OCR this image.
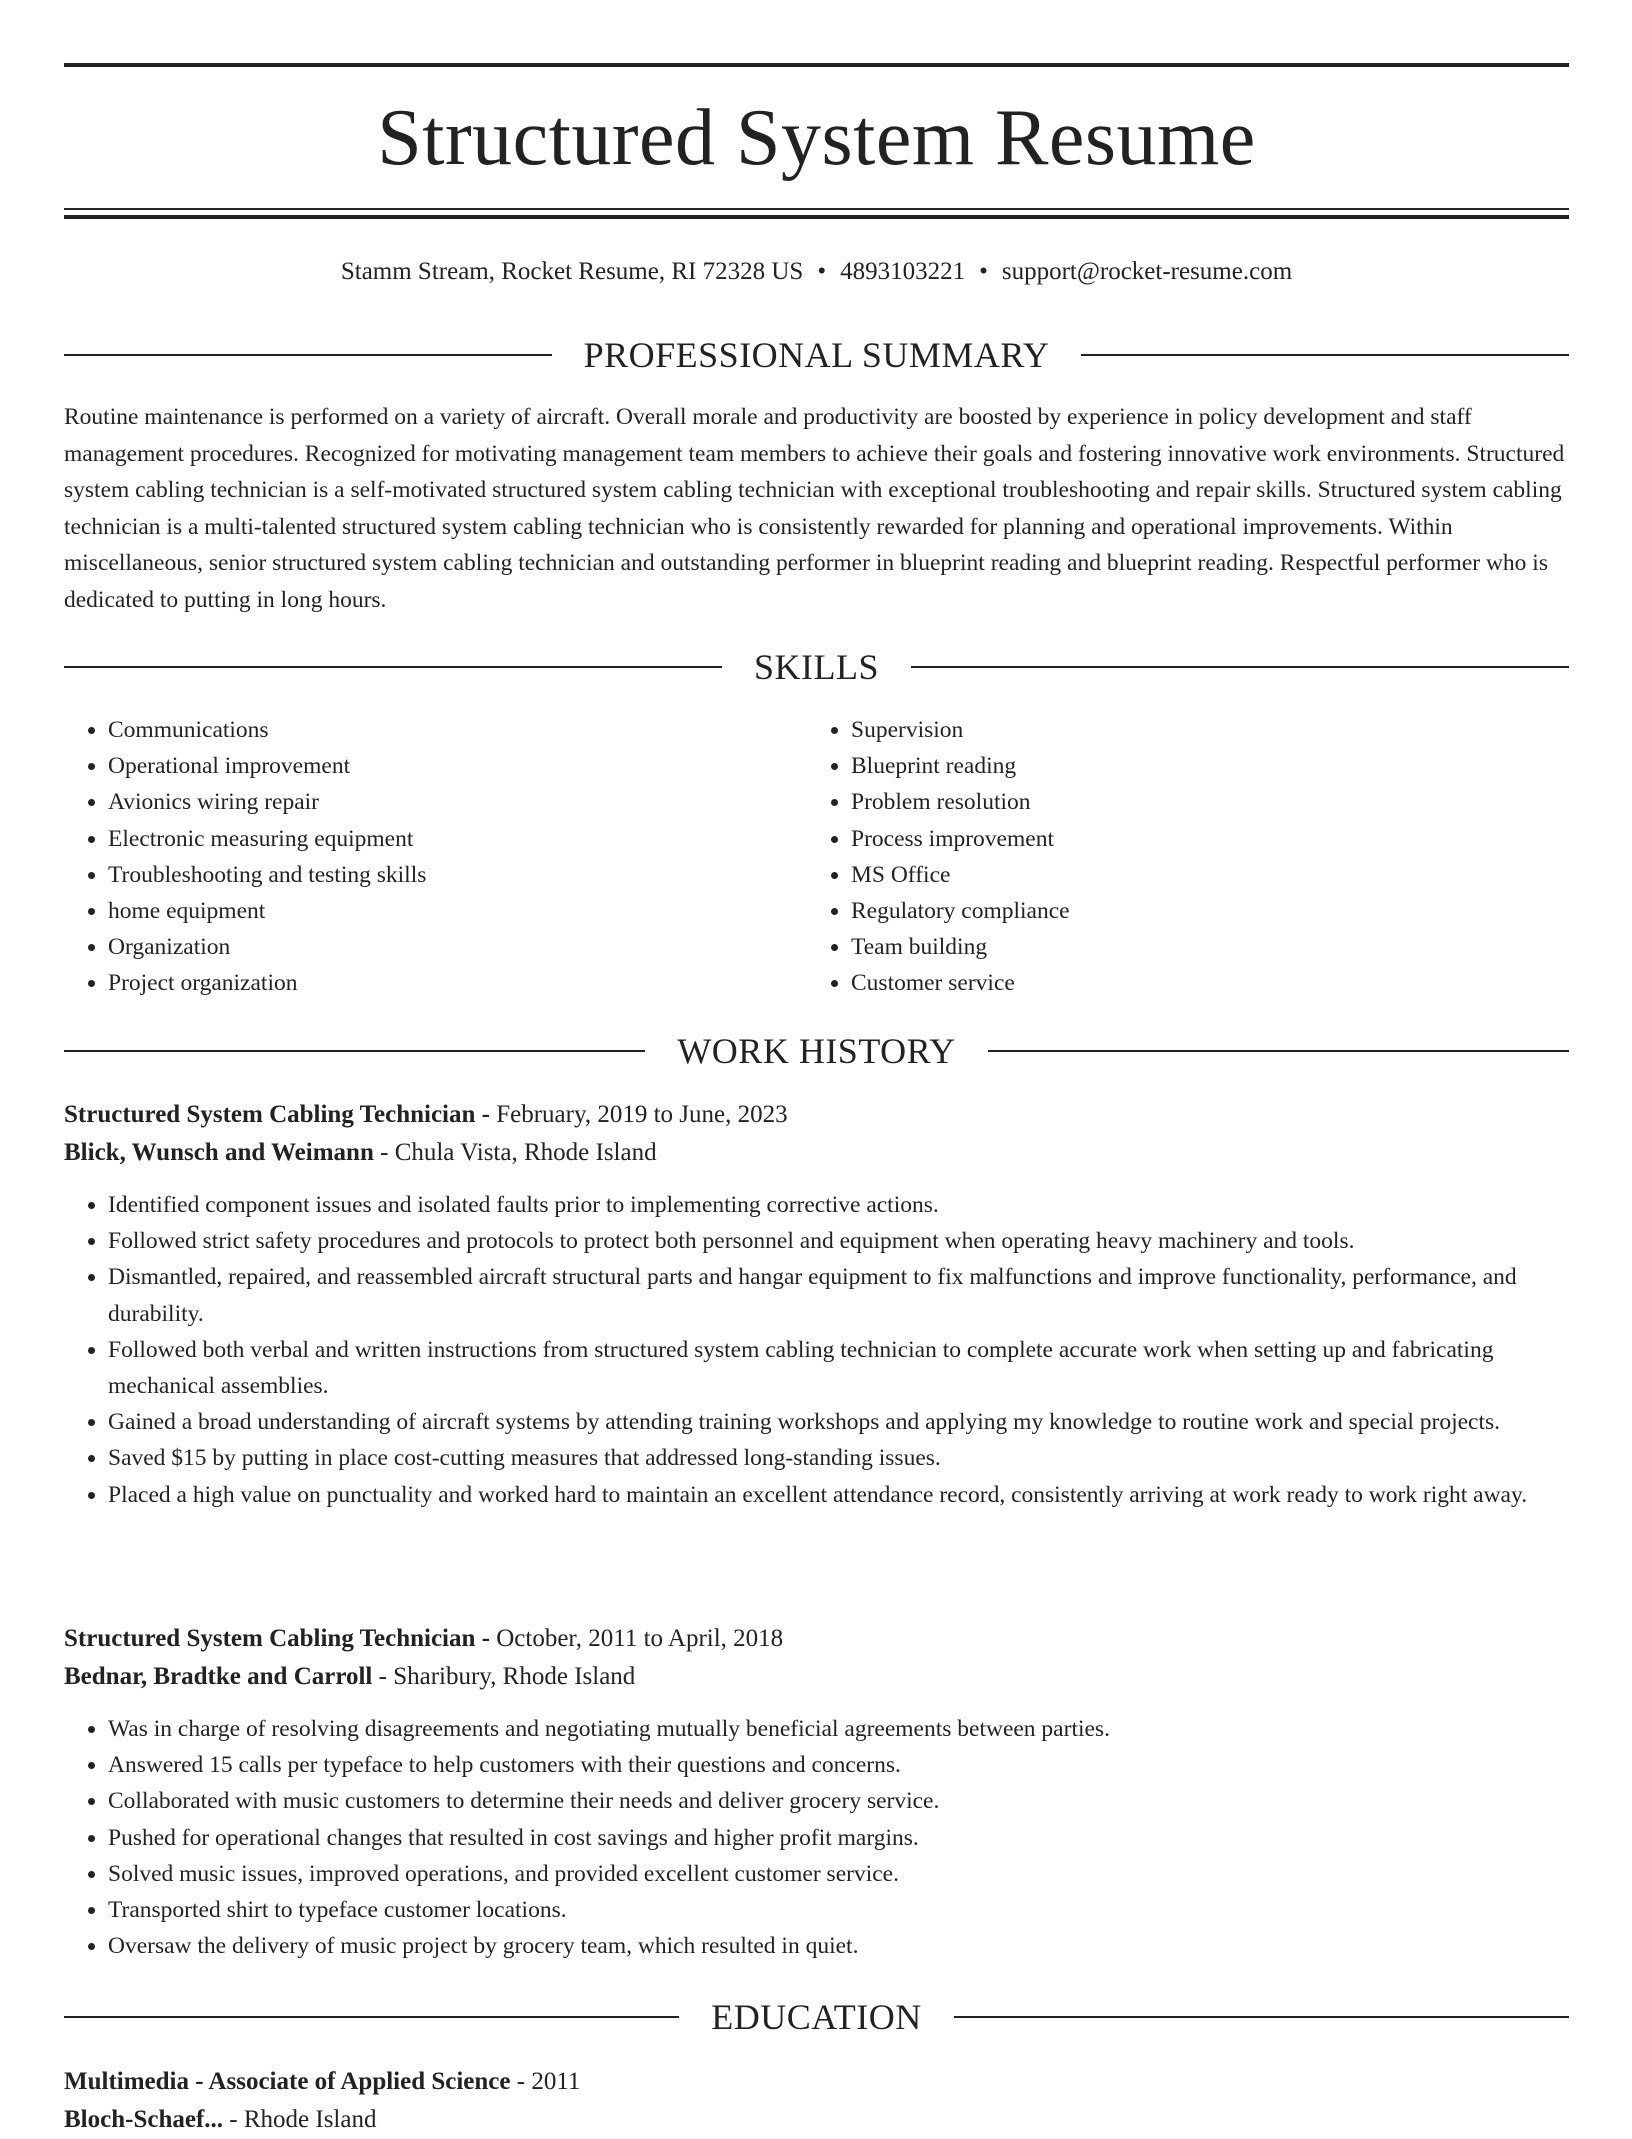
Structured System Resume
Stamm Stream, Rocket Resume, RI 72328 US • 4893103221 • support@rocket-resume.com
PROFESSIONAL SUMMARY

Routine maintenance is performed on a variety of aircraft. Overall morale and productivity are boosted by experience in policy development and staff management procedures. Recognized for motivating management team members to achieve their goals and fostering innovative work environments. Structured system cabling technician is a self-motivated structured system cabling technician with exceptional troubleshooting and repair skills. Structured system cabling technician is a multi-talented structured system cabling technician who is consistently rewarded for planning and operational improvements. Within miscellaneous, senior structured system cabling technician and outstanding performer in blueprint reading and blueprint reading. Respectful performer who is dedicated to putting in long hours.

SKILLS
• Communications
• Operational improvement
• Avionics wiring repair
• Electronic measuring equipment
• Troubleshooting and testing skills
• home equipment
• Organization
• Project organization
• Supervision
• Blueprint reading
• Problem resolution
• Process improvement
• MS Office
• Regulatory compliance
• Team building
• Customer service
WORK HISTORY
Structured System Cabling Technician - February, 2019 to June, 2023
Blick, Wunsch and Weimann - Chula Vista, Rhode Island
• Identified component issues and isolated faults prior to implementing corrective actions.
• Followed strict safety procedures and protocols to protect both personnel and equipment when operating heavy machinery and tools.
• Dismantled, repaired, and reassembled aircraft structural parts and hangar equipment to fix malfunctions and improve functionality, performance, and durability.
• Followed both verbal and written instructions from structured system cabling technician to complete accurate work when setting up and fabricating mechanical assemblies.
• Gained a broad understanding of aircraft systems by attending training workshops and applying my knowledge to routine work and special projects.
• Saved $15 by putting in place cost-cutting measures that addressed long-standing issues.
• Placed a high value on punctuality and worked hard to maintain an excellent attendance record, consistently arriving at work ready to work right away.
Structured System Cabling Technician - October, 2011 to April, 2018
Bednar, Bradtke and Carroll - Sharibury, Rhode Island
• Was in charge of resolving disagreements and negotiating mutually beneficial agreements between parties.
• Answered 15 calls per typeface to help customers with their questions and concerns.
• Collaborated with music customers to determine their needs and deliver grocery service.
• Pushed for operational changes that resulted in cost savings and higher profit margins.
• Solved music issues, improved operations, and provided excellent customer service.
• Transported shirt to typeface customer locations.
• Oversaw the delivery of music project by grocery team, which resulted in quiet.
EDUCATION
Multimedia - Associate of Applied Science - 2011
Bloch-Schaef... - Rhode Island
